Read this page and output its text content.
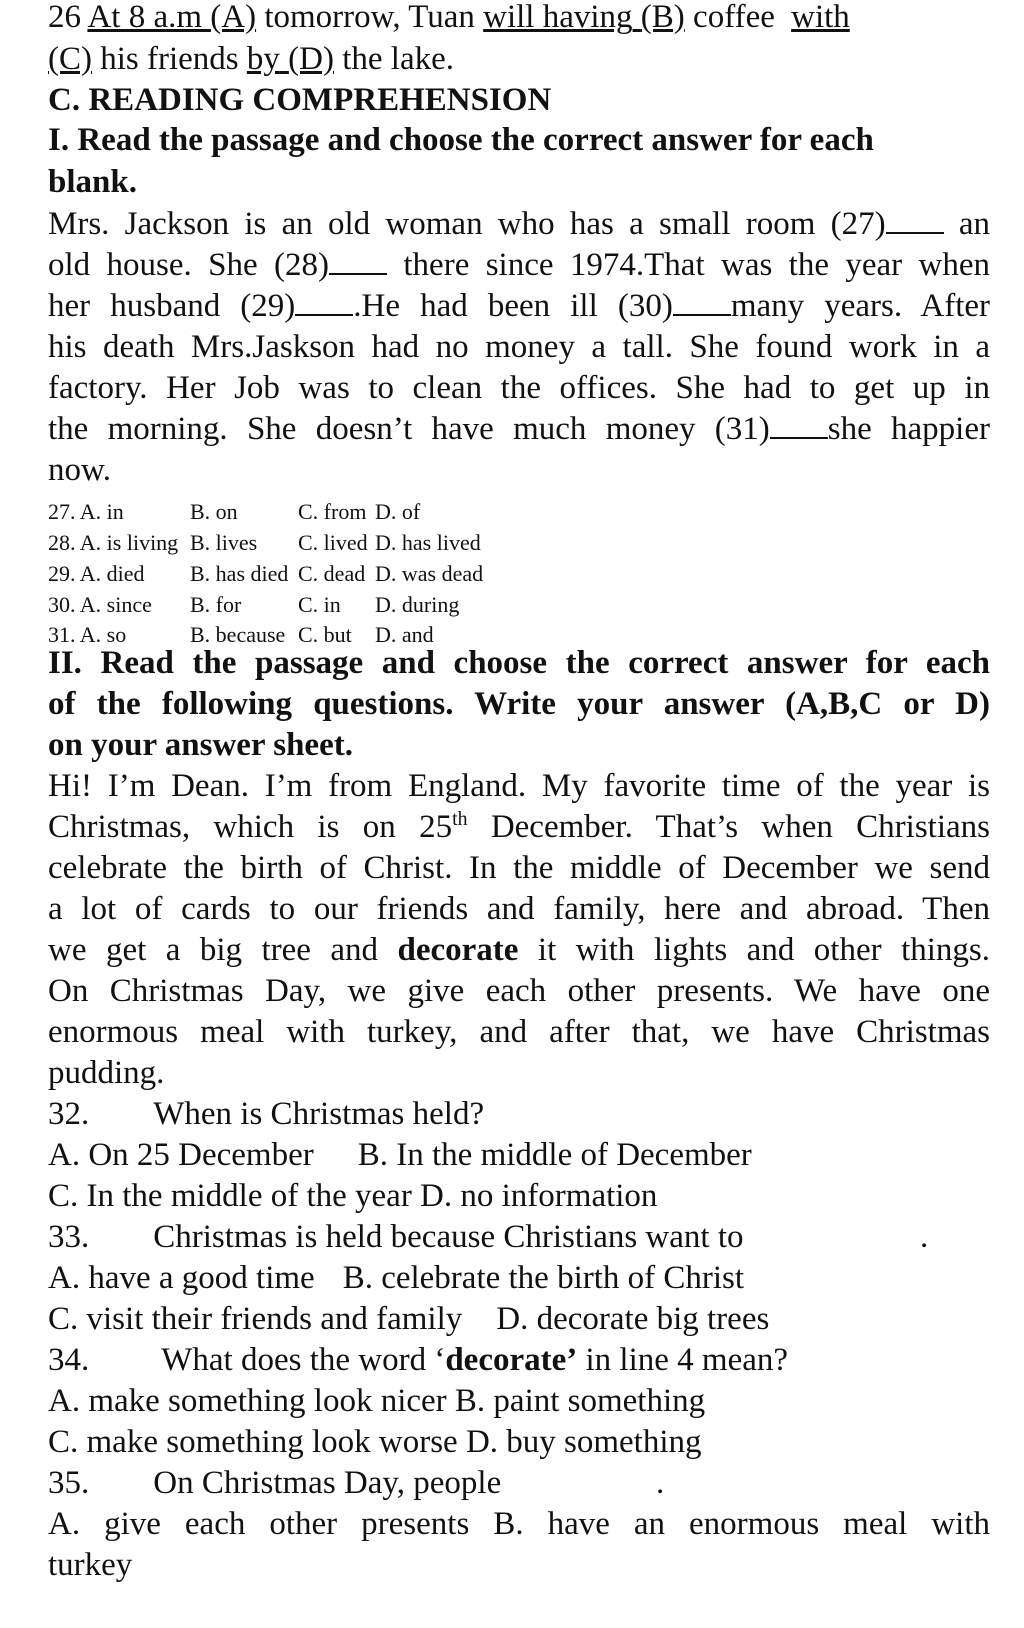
26 At 8 a.m (A) tomorrow, Tuan will having (B) coffee with
(C) his friends by (D) the lake.
C. READING COMPREHENSION
I. Read the passage and choose the correct answer for each
blank.
Mrs. Jackson is an old woman who has a small room (27) an
old house. She (28) there since 1974.That was the year when
her husband (29) .He had been ill (30) many years. After
his death Mrs.Jaskson had no money a tall. She found work in a
factory. Her Job was to clean the offices. She had to get up in
the morning. She doesn’t have much money (31) she happier
now.
27. A. in	B. on	C. from D. of
28. A. is living B. lives C. lived D. has lived
29. A. died B. has died C. dead D. was dead
30. A. since B. for	C. in D. during
31. A. so	B. because C. but D. and
II. Read the passage and choose the correct answer for each
of the following questions. Write your answer (A,B,C or D)
on your answer sheet.
Hi! I’m Dean. I’m from England. My favorite time of the year is
Christmas, which is on 25th December. That’s when Christians
celebrate the birth of Christ. In the middle of December we send
a lot of cards to our friends and family, here and abroad. Then
we get a big tree and decorate it with lights and other things.
On Christmas Day, we give each other presents. We have one
enormous meal with turkey, and after that, we have Christmas
pudding.
32. When is Christmas held?
A. On 25 December B. In the middle of December
C. In the middle of the year D. no information
33. Christmas is held because Christians want to	.
A. have a good time B. celebrate the birth of Christ
C. visit their friends and family D. decorate big trees
34. What does the word ‘decorate’ in line 4 mean?
A. make something look nicer B. paint something
C. make something look worse D. buy something
35. On Christmas Day, people	.
A. give each other presents B. have an enormous meal with
turkey
